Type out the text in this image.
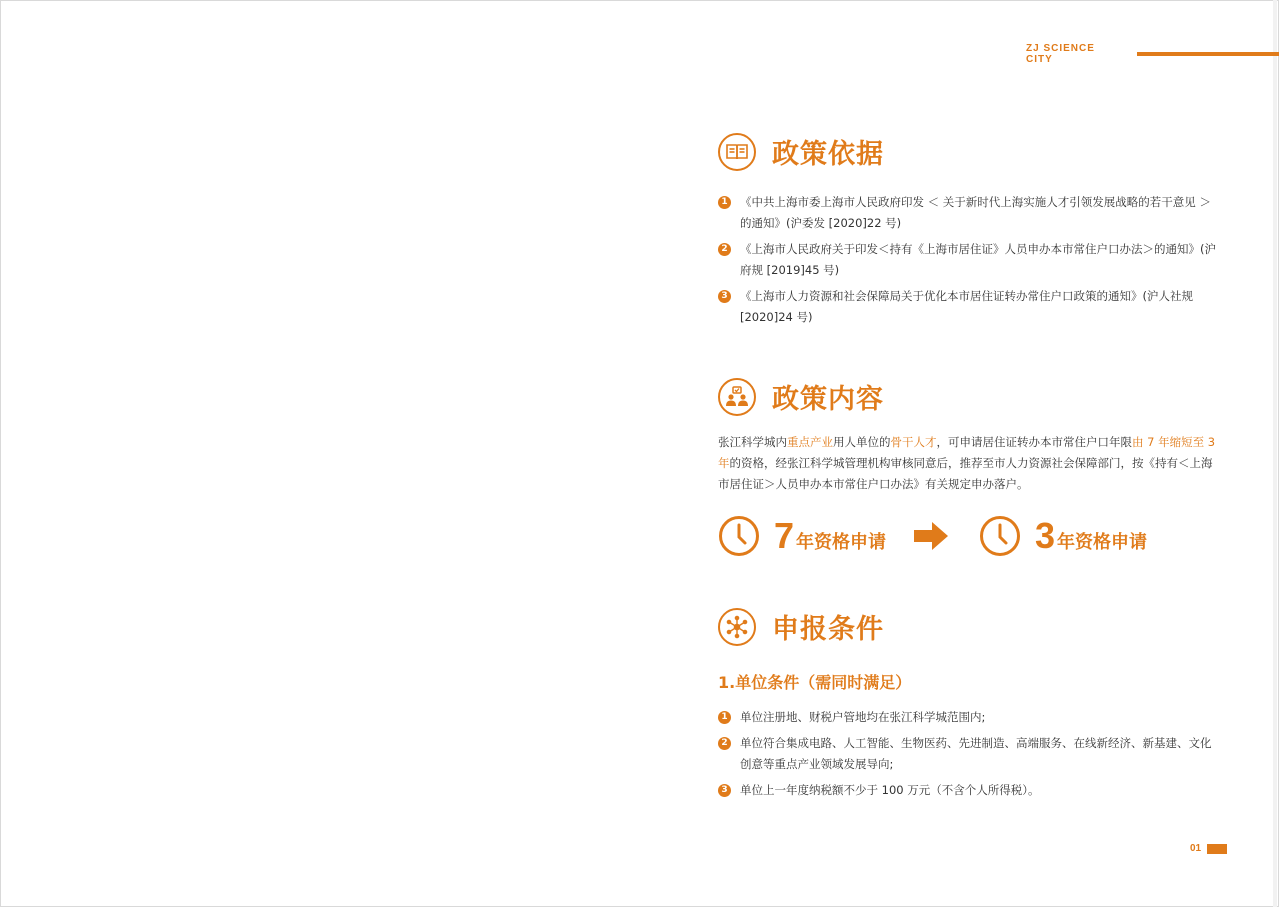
ZJ SCIENCE CITY
政策依据
1 《中共上海市委上海市人民政府印发 ＜ 关于新时代上海实施人才引领发展战略的若干意见 ＞ 的通知》(沪委发 [2020]22 号)
2 《上海市人民政府关于印发＜持有《上海市居住证》人员申办本市常住户口办法＞的通知》(沪府规 [2019]45 号)
3 《上海市人力资源和社会保障局关于优化本市居住证转办常住户口政策的通知》(沪人社规 [2020]24 号)
政策内容

张江科学城内重点产业用人单位的骨干人才，可申请居住证转办本市常住户口年限由 7 年缩短至 3 年的资格，经张江科学城管理机构审核同意后，推荐至市人力资源社会保障部门，按《持有＜上海市居住证＞人员申办本市常住户口办法》有关规定申办落户。

7 年资格申请	3 年资格申请
申报条件

1.单位条件（需同时满足）

1 单位注册地、财税户管地均在张江科学城范围内;
2 单位符合集成电路、人工智能、生物医药、先进制造、高端服务、在线新经济、新基建、文化创意等重点产业领域发展导向;
3 单位上一年度纳税额不少于 100 万元（不含个人所得税）。
01
